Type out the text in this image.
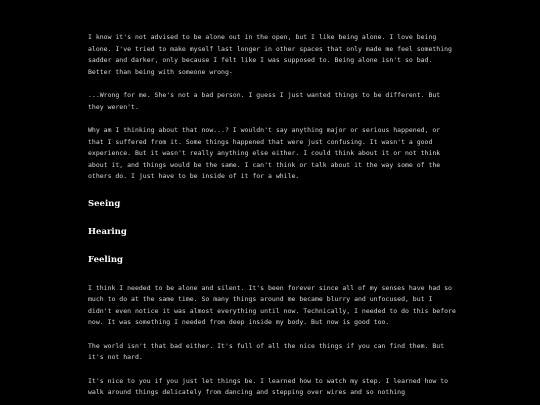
I know it's not advised to be alone out in the open, but I like being alone. I love being alone. I've tried to make myself last longer in other spaces that only made me feel something sadder and darker, only because I felt like I was supposed to. Being alone isn't so bad. Better than being with someone wrong-

...Wrong for me. She's not a bad person. I guess I just wanted things to be different. But they weren't.

Why am I thinking about that now...? I wouldn't say anything major or serious happened, or that I suffered from it. Some things happened that were just confusing. It wasn't a good experience. But it wasn't really anything else either. I could think about it or not think about it, and things would be the same. I can't think or talk about it the way some of the others do. I just have to be inside of it for a while.

Seeing
Hearing
Feeling

I think I needed to be alone and silent. It's been forever since all of my senses have had so much to do at the same time. So many things around me became blurry and unfocused, but I didn't even notice it was almost everything until now. Technically, I needed to do this before now. It was something I needed from deep inside my body. But now is good too.

The world isn't that bad either. It's full of all the nice things if you can find them. But it's not hard.

It's nice to you if you just let things be. I learned how to watch my step. I learned how to walk around things delicately from dancing and stepping over wires and so nothing
